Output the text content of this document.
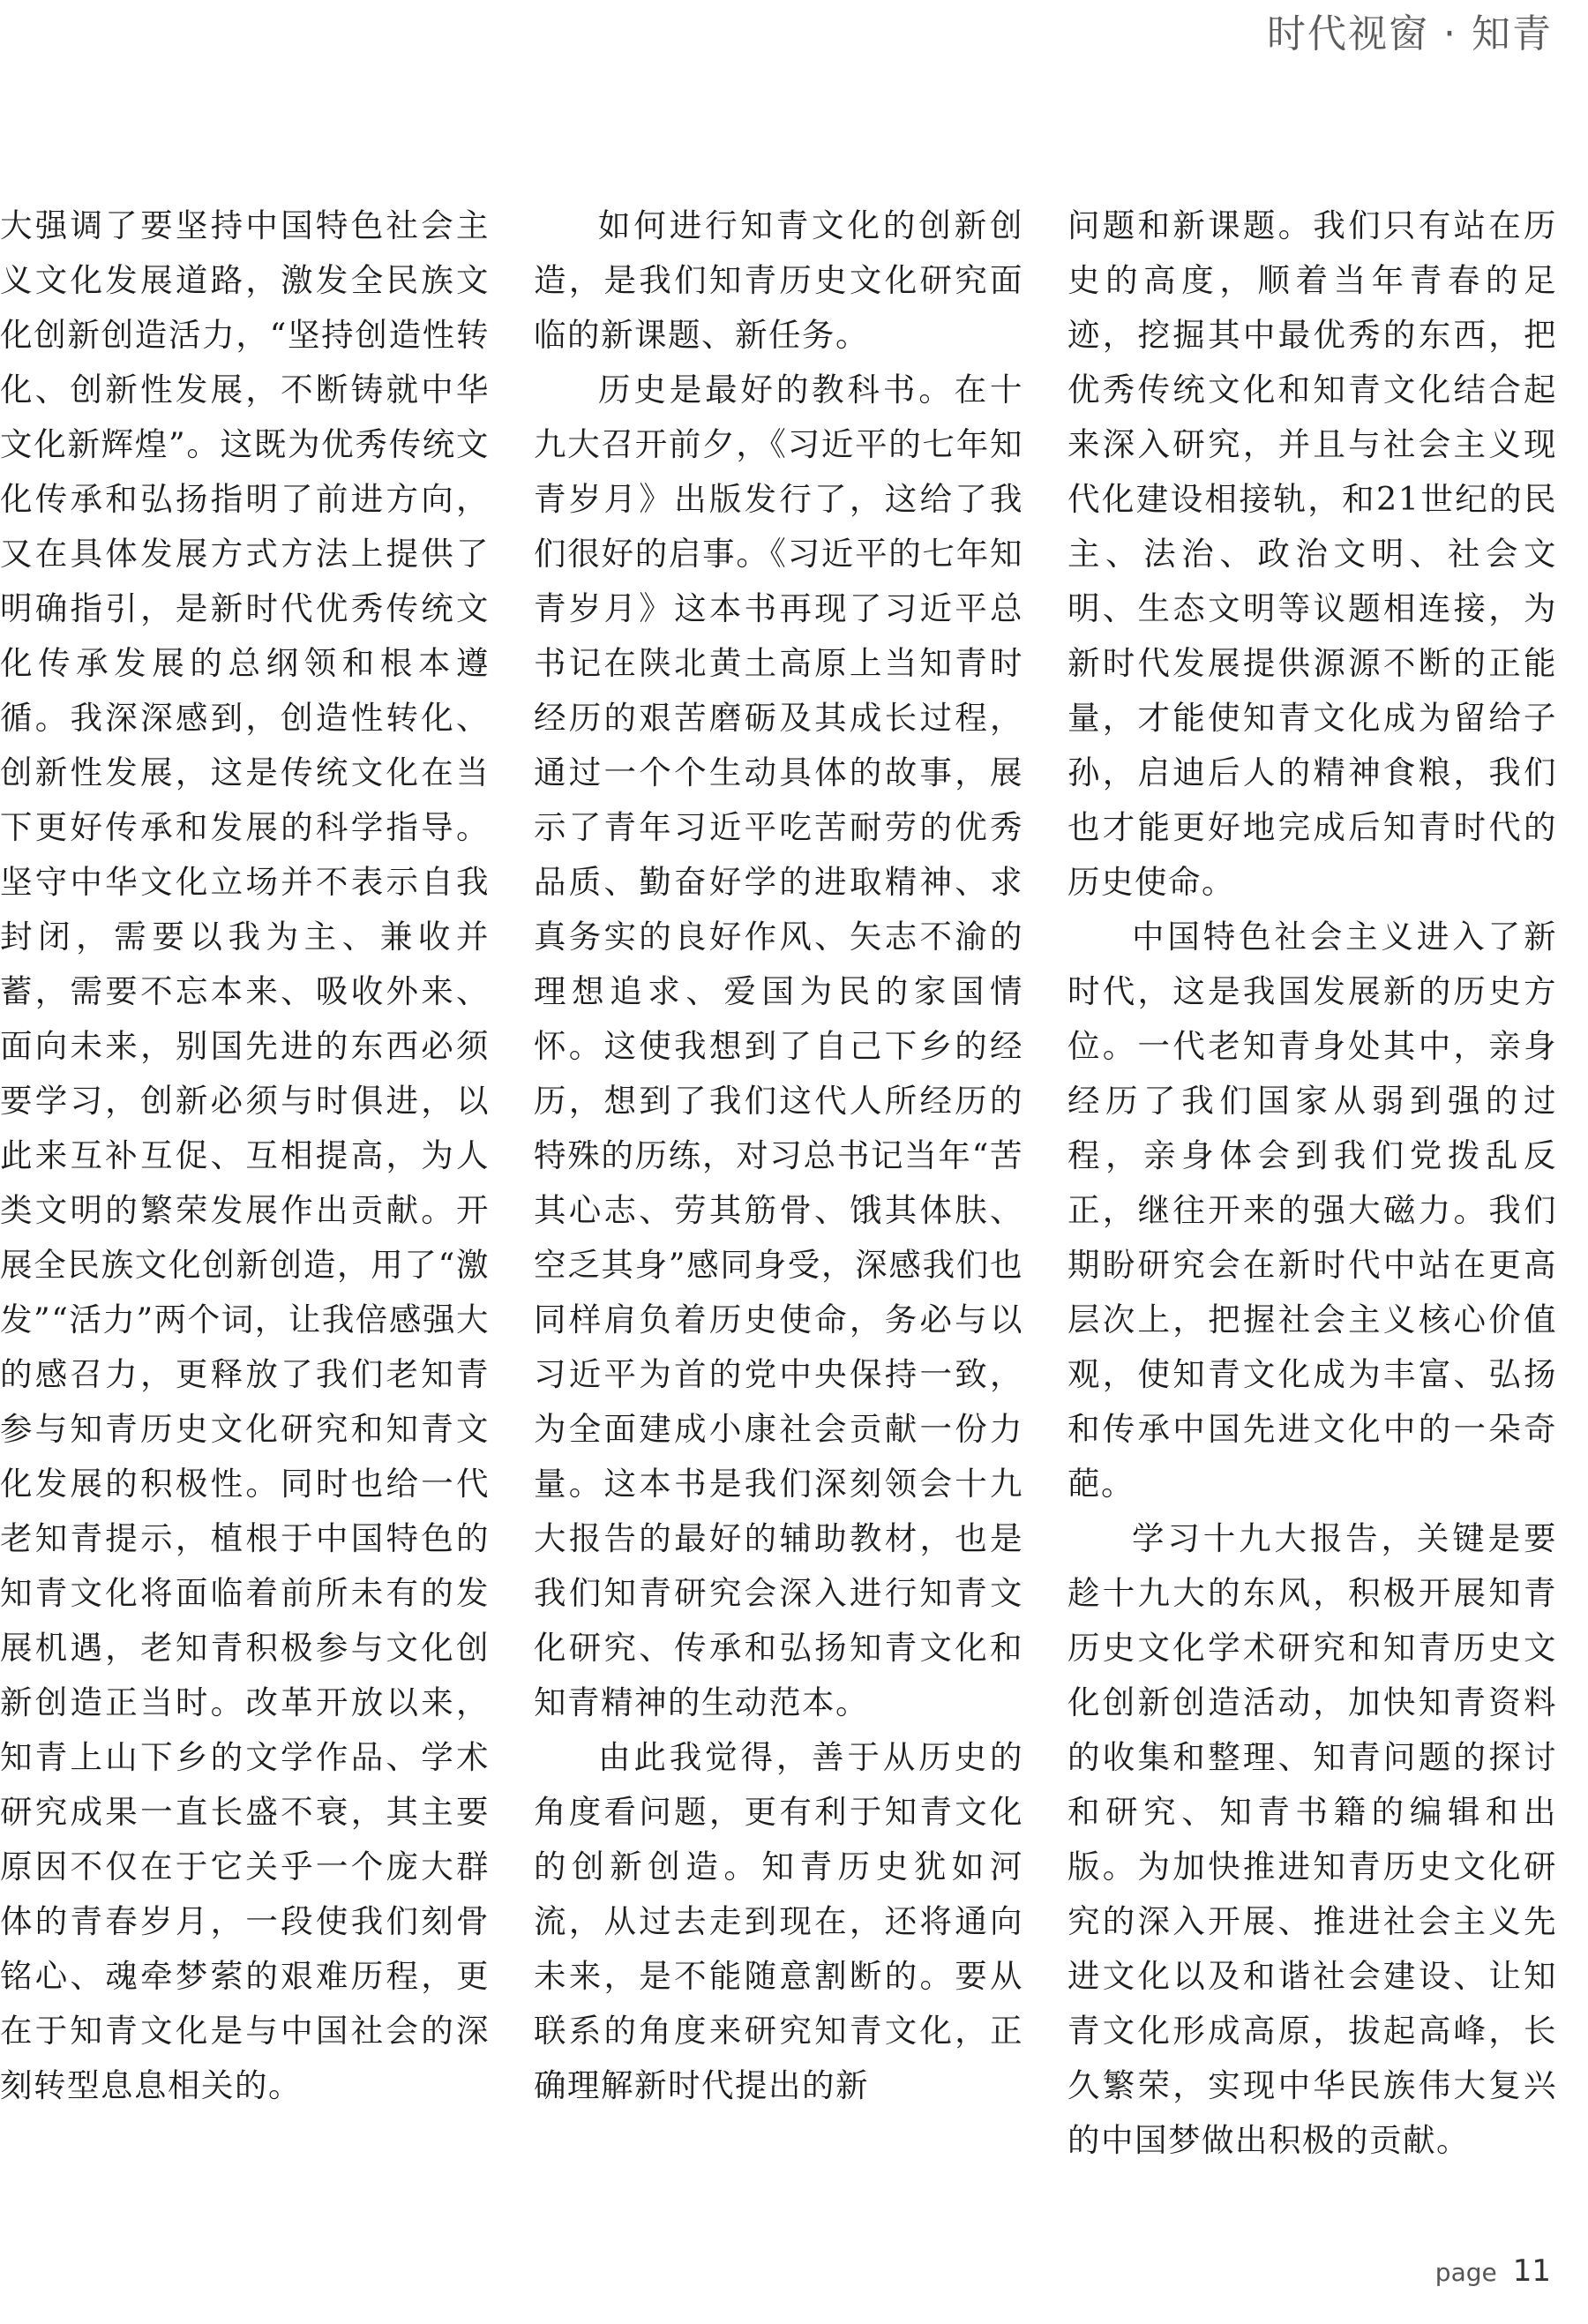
时代视窗 · 知青

大强调了要坚持中国特色社会主义文化发展道路，激发全民族文化创新创造活力，“坚持创造性转化、创新性发展，不断铸就中华文化新辉煌”。这既为优秀传统文化传承和弘扬指明了前进方向，又在具体发展方式方法上提供了明确指引，是新时代优秀传统文化传承发展的总纲领和根本遵循。我深深感到，创造性转化、创新性发展，这是传统文化在当下更好传承和发展的科学指导。坚守中华文化立场并不表示自我封闭，需要以我为主、兼收并蓄，需要不忘本来、吸收外来、面向未来，别国先进的东西必须要学习，创新必须与时俱进，以此来互补互促、互相提高，为人类文明的繁荣发展作出贡献。开展全民族文化创新创造，用了“激发”“活力”两个词，让我倍感强大的感召力，更释放了我们老知青参与知青历史文化研究和知青文化发展的积极性。同时也给一代老知青提示，植根于中国特色的知青文化将面临着前所未有的发展机遇，老知青积极参与文化创新创造正当时。改革开放以来，知青上山下乡的文学作品、学术研究成果一直长盛不衰，其主要原因不仅在于它关乎一个庞大群体的青春岁月，一段使我们刻骨铭心、魂牵梦萦的艰难历程，更在于知青文化是与中国社会的深刻转型息息相关的。

如何进行知青文化的创新创造，是我们知青历史文化研究面临的新课题、新任务。

历史是最好的教科书。在十九大召开前夕，《习近平的七年知青岁月》出版发行了，这给了我们很好的启事。《习近平的七年知青岁月》这本书再现了习近平总书记在陕北黄土高原上当知青时经历的艰苦磨砺及其成长过程，通过一个个生动具体的故事，展示了青年习近平吃苦耐劳的优秀品质、勤奋好学的进取精神、求真务实的良好作风、矢志不渝的理想追求、爱国为民的家国情怀。这使我想到了自己下乡的经历，想到了我们这代人所经历的特殊的历练，对习总书记当年“苦其心志、劳其筋骨、饿其体肤、空乏其身”感同身受，深感我们也同样肩负着历史使命，务必与以习近平为首的党中央保持一致，为全面建成小康社会贡献一份力量。这本书是我们深刻领会十九大报告的最好的辅助教材，也是我们知青研究会深入进行知青文化研究、传承和弘扬知青文化和知青精神的生动范本。

由此我觉得，善于从历史的角度看问题，更有利于知青文化的创新创造。知青历史犹如河流，从过去走到现在，还将通向未来，是不能随意割断的。要从联系的角度来研究知青文化，正确理解新时代提出的新

问题和新课题。我们只有站在历史的高度，顺着当年青春的足迹，挖掘其中最优秀的东西，把优秀传统文化和知青文化结合起来深入研究，并且与社会主义现代化建设相接轨，和21世纪的民主、法治、政治文明、社会文明、生态文明等议题相连接，为新时代发展提供源源不断的正能量，才能使知青文化成为留给子孙，启迪后人的精神食粮，我们也才能更好地完成后知青时代的历史使命。

中国特色社会主义进入了新时代，这是我国发展新的历史方位。一代老知青身处其中，亲身经历了我们国家从弱到强的过程，亲身体会到我们党拨乱反正，继往开来的强大磁力。我们期盼研究会在新时代中站在更高层次上，把握社会主义核心价值观，使知青文化成为丰富、弘扬和传承中国先进文化中的一朵奇葩。

学习十九大报告，关键是要趁十九大的东风，积极开展知青历史文化学术研究和知青历史文化创新创造活动，加快知青资料的收集和整理、知青问题的探讨和研究、知青书籍的编辑和出版。为加快推进知青历史文化研究的深入开展、推进社会主义先进文化以及和谐社会建设、让知青文化形成高原，拔起高峰，长久繁荣，实现中华民族伟大复兴的中国梦做出积极的贡献。

page 11
